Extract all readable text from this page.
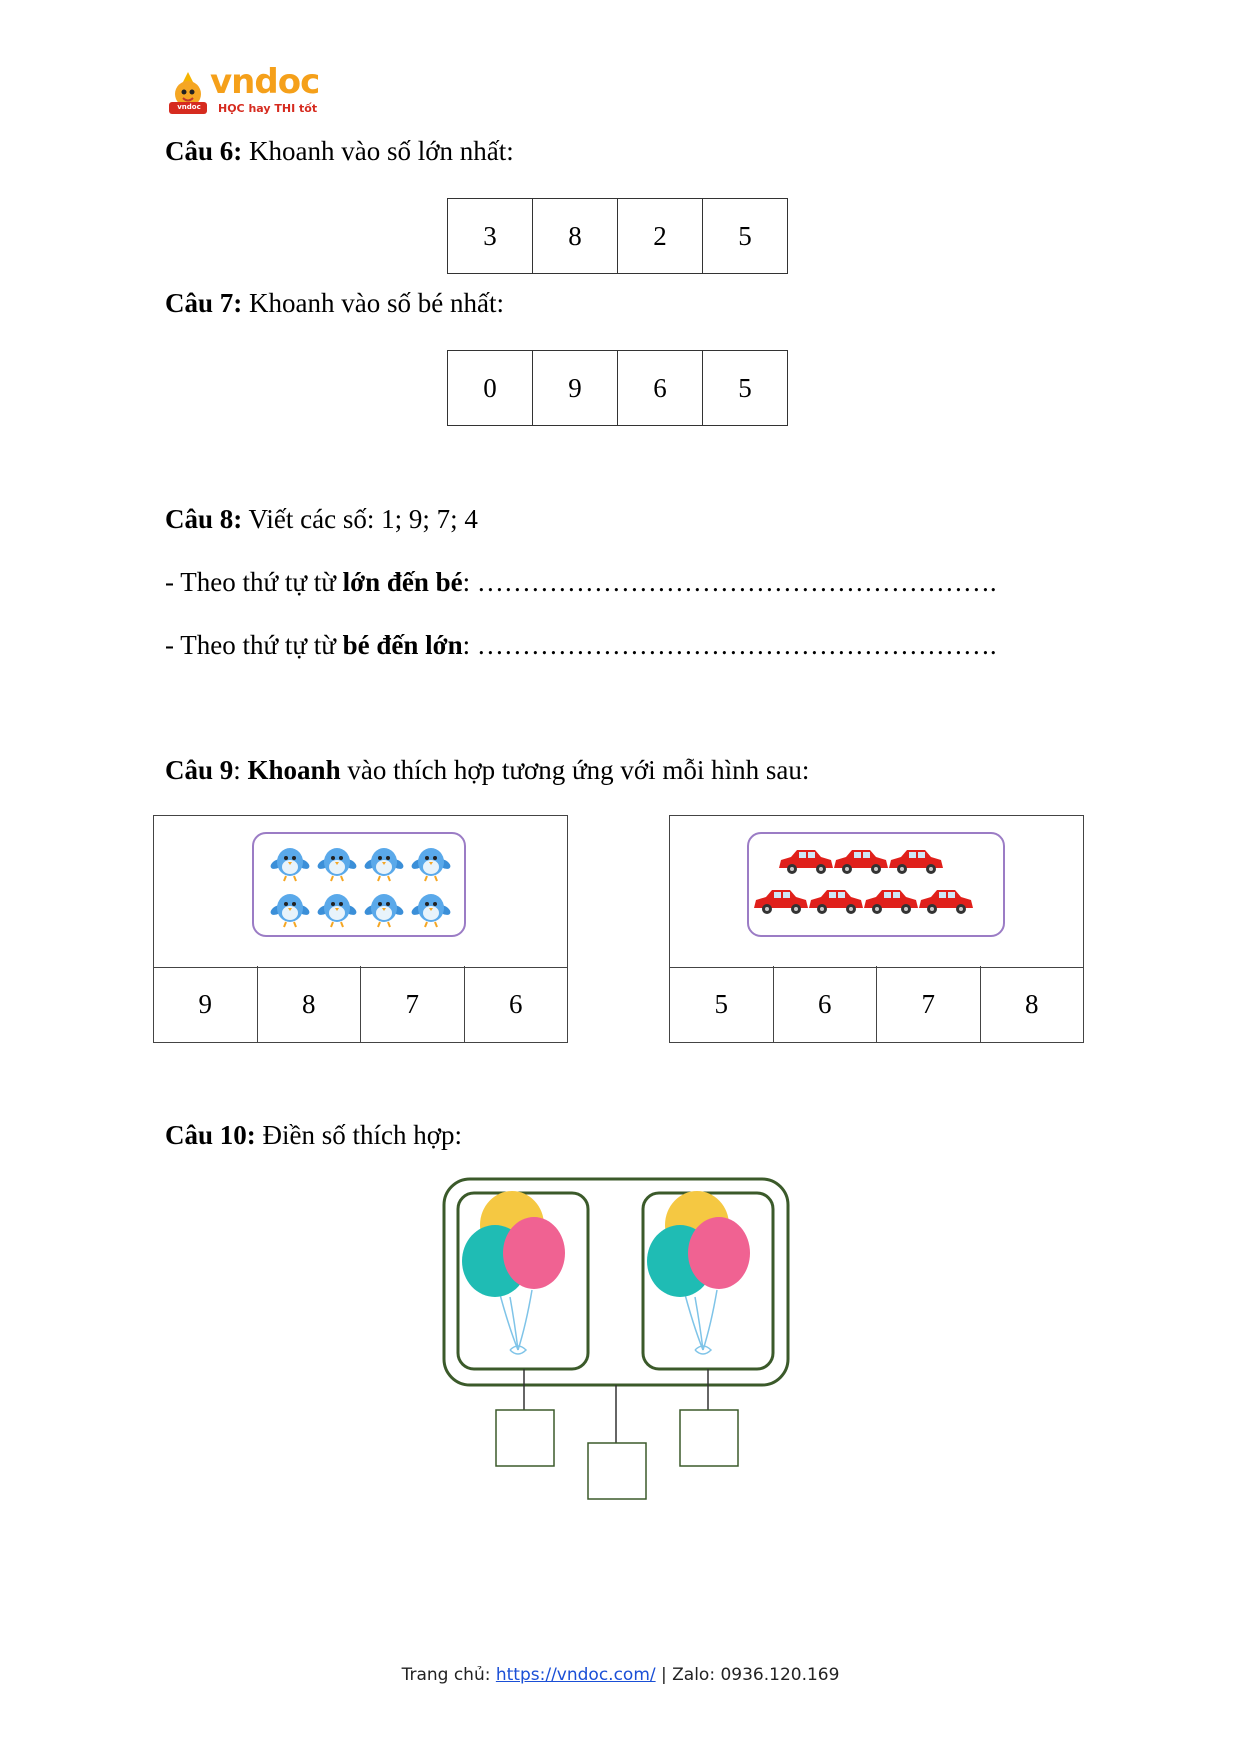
vndoc
vndoc
HỌC hay THI tốt
Câu 6: Khoanh vào số lớn nhất:
3	8	2	5
Câu 7: Khoanh vào số bé nhất:
0	9	6	5
Câu 8: Viết các số: 1; 9; 7; 4
- Theo thứ tự từ lớn đến bé: ………………………………………………….
- Theo thứ tự từ bé đến lớn: ………………………………………………….
Câu 9: Khoanh vào thích hợp tương ứng với mỗi hình sau:
9	8	7	6	5	6	7	8
Câu 10: Điền số thích hợp:
Trang chủ: https://vndoc.com/ | Zalo: 0936.120.169
